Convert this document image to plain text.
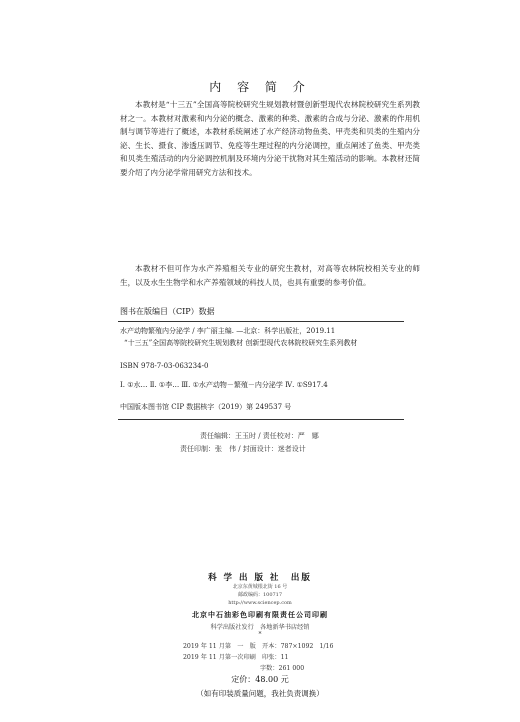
内 容 简 介

本教材是“十三五”全国高等院校研究生规划教材暨创新型现代农林院校研究生系列教材之一。本教材对激素和内分泌的概念、激素的种类、激素的合成与分泌、激素的作用机制与调节等进行了概述，本教材系统阐述了水产经济动物鱼类、甲壳类和贝类的生殖内分泌、生长、摄食、渗透压调节、免疫等生理过程的内分泌调控，重点阐述了鱼类、甲壳类和贝类生殖活动的内分泌调控机制及环境内分泌干扰物对其生殖活动的影响。本教材还简要介绍了内分泌学常用研究方法和技术。

本教材不但可作为水产养殖相关专业的研究生教材，对高等农林院校相关专业的师生，以及水生生物学和水产养殖领域的科技人员，也具有重要的参考价值。

图书在版编目（CIP）数据

水产动物繁殖内分泌学 / 李广丽主编. —北京：科学出版社，2019.11

“十三五”全国高等院校研究生规划教材 创新型现代农林院校研究生系列教材

ISBN 978-7-03-063234-0

Ⅰ. ①水… Ⅱ. ①李… Ⅲ. ①水产动物－繁殖－内分泌学 Ⅳ. ①S917.4

中国版本图书馆 CIP 数据核字（2019）第 249537 号

责任编辑：王玉时 / 责任校对：严　娜
责任印制：张　伟 / 封面设计：迷者设计
科 学 出 版 社　出版
北京东黄城根北街 16 号
邮政编码：100717
http://www.sciencep.com
北京中石油彩色印刷有限责任公司印刷
科学出版社发行　各地新华书店经销
*
2019 年 11 月第　一　版　开本：787×1092　1/16
2019 年 11 月第一次印刷　印张：11
字数：261 000
定价：48.00 元
（如有印装质量问题，我社负责调换）
